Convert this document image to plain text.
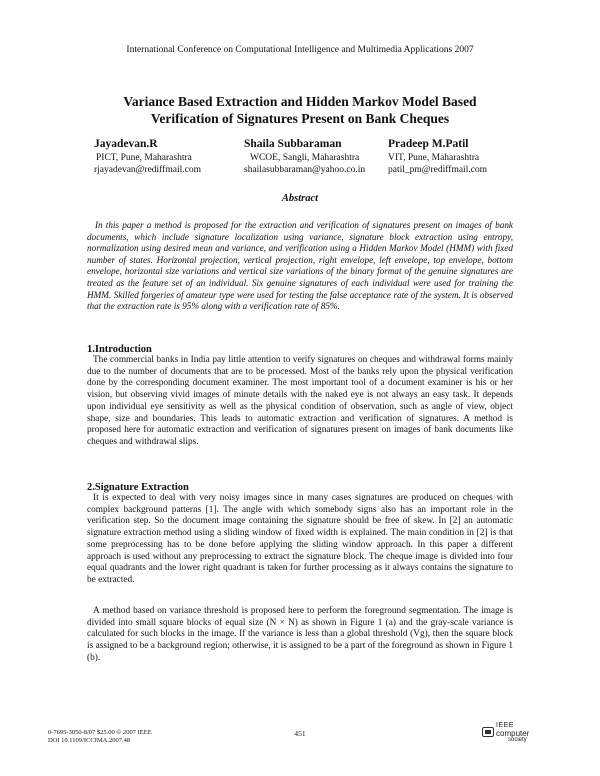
International Conference on Computational Intelligence and Multimedia Applications 2007
Variance Based Extraction and Hidden Markov Model Based
Verification of Signatures Present on Bank Cheques
Jayadevan.R
PICT, Pune, Maharashtra
rjayadevan@rediffmail.com
Shaila Subbaraman
WCOE, Sangli, Maharashtra
shailasubbaraman@yahoo.co.in
Pradeep M.Patil
VIT, Pune, Maharashtra
patil_pm@rediffmail.com
Abstract

In this paper a method is proposed for the extraction and verification of signatures present on images of bank documents, which include signature localization using variance, signature block extraction using entropy, normalization using desired mean and variance, and verification using a Hidden Markov Model (HMM) with fixed number of states. Horizontal projection, vertical projection, right envelope, left envelope, top envelope, bottom envelope, horizontal size variations and vertical size variations of the binary format of the genuine signatures are treated as the feature set of an individual. Six genuine signatures of each individual were used for training the HMM. Skilled forgeries of amateur type were used for testing the false acceptance rate of the system. It is observed that the extraction rate is 95% along with a verification rate of 85%.

1.Introduction

The commercial banks in India pay little attention to verify signatures on cheques and withdrawal forms mainly due to the number of documents that are to be processed. Most of the banks rely upon the physical verification done by the corresponding document examiner. The most important tool of a document examiner is his or her vision, but observing vivid images of minute details with the naked eye is not always an easy task. It depends upon individual eye sensitivity as well as the physical condition of observation, such as angle of view, object shape, size and boundaries. This leads to automatic extraction and verification of signatures. A method is proposed here for automatic extraction and verification of signatures present on images of bank documents like cheques and withdrawal slips.

2.Signature Extraction

It is expected to deal with very noisy images since in many cases signatures are produced on cheques with complex background patterns [1]. The angle with which somebody signs also has an important role in the verification step. So the document image containing the signature should be free of skew. In [2] an automatic signature extraction method using a sliding window of fixed width is explained. The main condition in [2] is that some preprocessing has to be done before applying the sliding window approach. In this paper a different approach is used without any preprocessing to extract the signature block. The cheque image is divided into four equal quadrants and the lower right quadrant is taken for further processing as it always contains the signature to be extracted.

A method based on variance threshold is proposed here to perform the foreground segmentation. The image is divided into small square blocks of equal size (N × N) as shown in Figure 1 (a) and the gray-scale variance is calculated for such blocks in the image. If the variance is less than a global threshold (Vg), then the square block is assigned to be a background region; otherwise, it is assigned to be a part of the foreground as shown in Figure 1 (b).

0-7695-3050-8/07 $25.00 © 2007 IEEE
DOI 10.1109/ICCIMA.2007.48
451
IEEE
computer
society
